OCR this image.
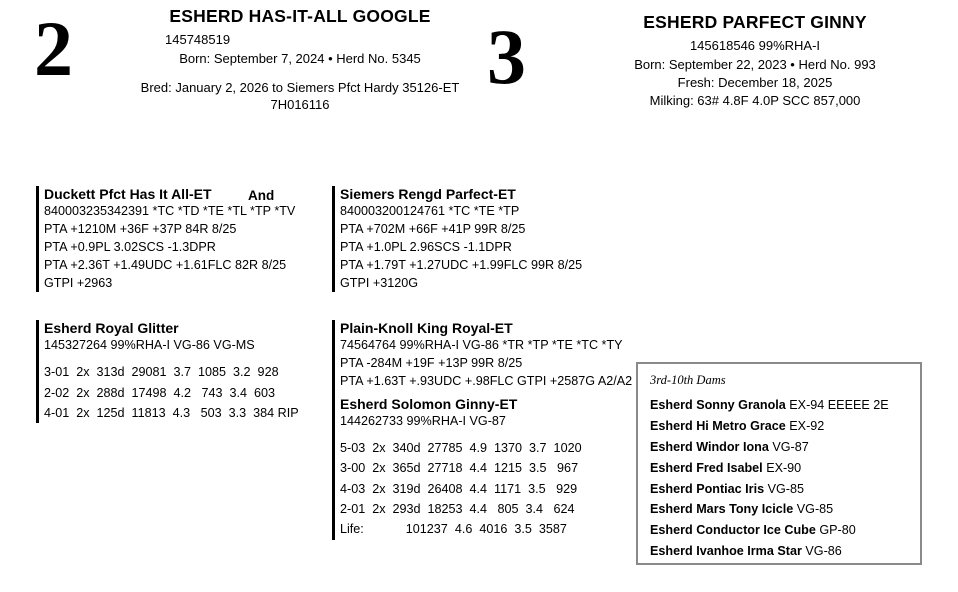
2	ESHERD HAS-IT-ALL GOOGLE
145748519
Born: September 7, 2024 • Herd No. 5345
Bred: January 2, 2026 to Siemers Pfct Hardy 35126-ET
7H016116
3	ESHERD PARFECT GINNY
145618546 99%RHA-I
Born: September 22, 2023 • Herd No. 993
Fresh: December 18, 2025
Milking: 63# 4.8F 4.0P SCC 857,000
Duckett Pfct Has It All-ET
840003235342391 *TC *TD *TE *TL *TP *TV
PTA +1210M +36F +37P 84R 8/25
PTA +0.9PL 3.02SCS -1.3DPR
PTA +2.36T +1.49UDC +1.61FLC 82R 8/25
GTPI +2963
Esherd Royal Glitter
145327264 99%RHA-I VG-86 VG-MS
3-01  2x  313d  29081  3.7  1085  3.2  928
2-02  2x  288d  17498  4.2   743  3.4  603
4-01  2x  125d  11813  4.3   503  3.3  384 RIP
And	Siemers Rengd Parfect-ET
840003200124761 *TC *TE *TP
PTA +702M +66F +41P 99R 8/25
PTA +1.0PL 2.96SCS -1.1DPR
PTA +1.79T +1.27UDC +1.99FLC 99R 8/25
GTPI +3120G
Plain-Knoll King Royal-ET
74564764 99%RHA-I VG-86 *TR *TP *TE *TC *TY
PTA -284M +19F +13P 99R 8/25
PTA +1.63T +.93UDC +.98FLC GTPI +2587G A2/A2
Esherd Solomon Ginny-ET
144262733 99%RHA-I VG-87
5-03  2x  340d  27785  4.9  1370  3.7  1020
3-00  2x  365d  27718  4.4  1215  3.5   967
4-03  2x  319d  26408  4.4  1171  3.5   929
2-01  2x  293d  18253  4.4   805  3.4   624
Life:            101237  4.6  4016  3.5  3587
3rd-10th Dams
Esherd Sonny Granola EX-94 EEEEE 2E
Esherd Hi Metro Grace EX-92
Esherd Windor Iona VG-87
Esherd Fred Isabel EX-90
Esherd Pontiac Iris VG-85
Esherd Mars Tony Icicle VG-85
Esherd Conductor Ice Cube GP-80
Esherd Ivanhoe Irma Star VG-86
